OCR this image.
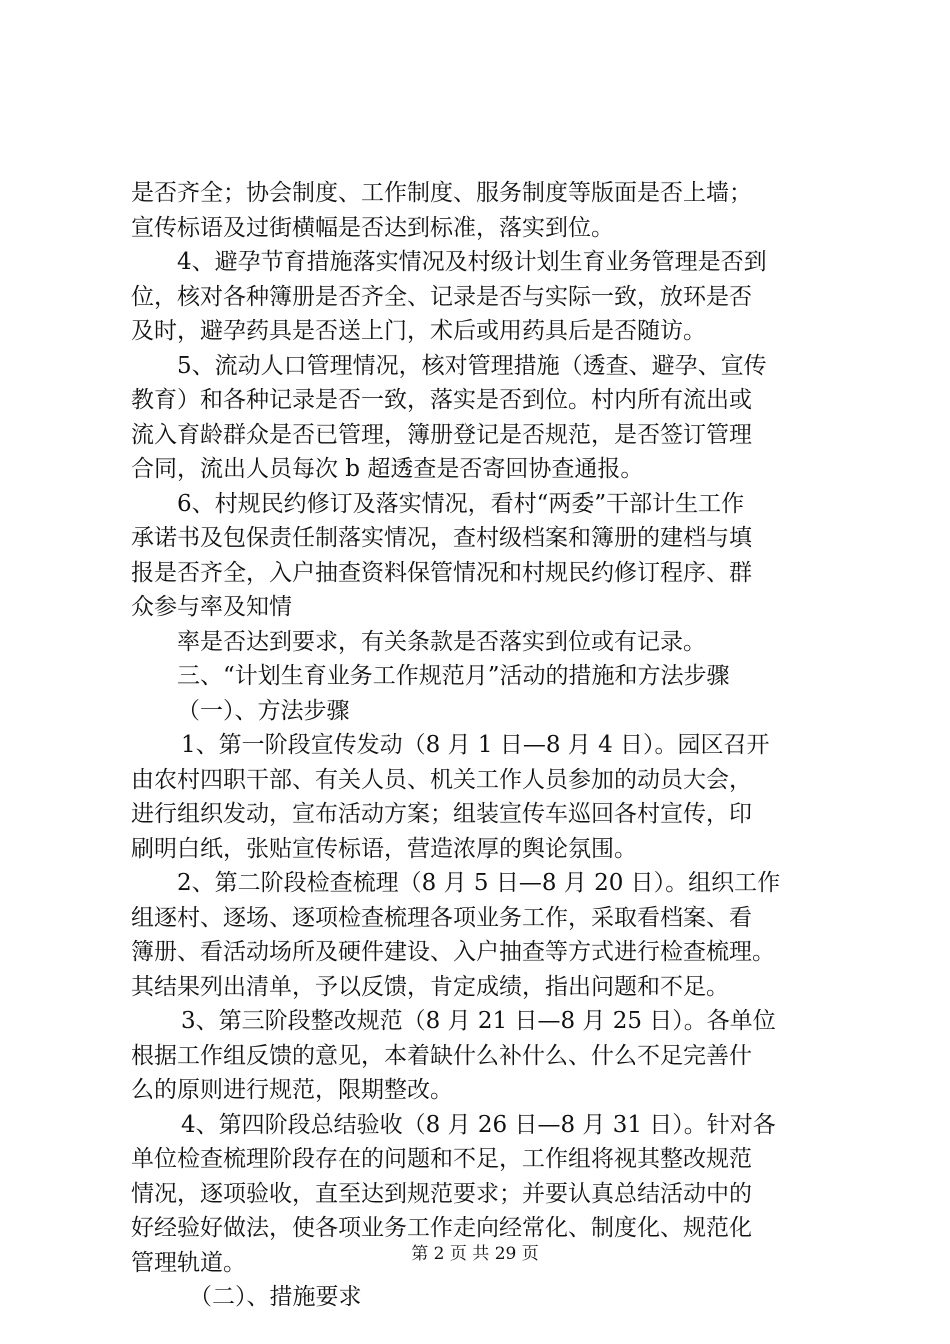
是否齐全；协会制度、工作制度、服务制度等版面是否上墙；
宣传标语及过街横幅是否达到标准，落实到位。
4、避孕节育措施落实情况及村级计划生育业务管理是否到
位，核对各种簿册是否齐全、记录是否与实际一致，放环是否
及时，避孕药具是否送上门，术后或用药具后是否随访。
5、流动人口管理情况，核对管理措施（透查、避孕、宣传
教育）和各种记录是否一致，落实是否到位。村内所有流出或
流入育龄群众是否已管理，簿册登记是否规范，是否签订管理
合同，流出人员每次 b 超透查是否寄回协查通报。
6、村规民约修订及落实情况，看村“两委”干部计生工作
承诺书及包保责任制落实情况，查村级档案和簿册的建档与填
报是否齐全，入户抽查资料保管情况和村规民约修订程序、群
众参与率及知情
率是否达到要求，有关条款是否落实到位或有记录。
三、“计划生育业务工作规范月”活动的措施和方法步骤
（一）、方法步骤
1、第一阶段宣传发动（8 月 1 日—8 月 4 日）。园区召开
由农村四职干部、有关人员、机关工作人员参加的动员大会，
进行组织发动，宣布活动方案；组装宣传车巡回各村宣传，印
刷明白纸，张贴宣传标语，营造浓厚的舆论氛围。
2、第二阶段检查梳理（8 月 5 日—8 月 20 日）。组织工作
组逐村、逐场、逐项检查梳理各项业务工作，采取看档案、看
簿册、看活动场所及硬件建设、入户抽查等方式进行检查梳理。
其结果列出清单，予以反馈，肯定成绩，指出问题和不足。
3、第三阶段整改规范（8 月 21 日—8 月 25 日）。各单位
根据工作组反馈的意见，本着缺什么补什么、什么不足完善什
么的原则进行规范，限期整改。
4、第四阶段总结验收（8 月 26 日—8 月 31 日）。针对各
单位检查梳理阶段存在的问题和不足，工作组将视其整改规范
情况，逐项验收，直至达到规范要求；并要认真总结活动中的
好经验好做法，使各项业务工作走向经常化、制度化、规范化
管理轨道。
（二）、措施要求
第 2 页 共 29 页
